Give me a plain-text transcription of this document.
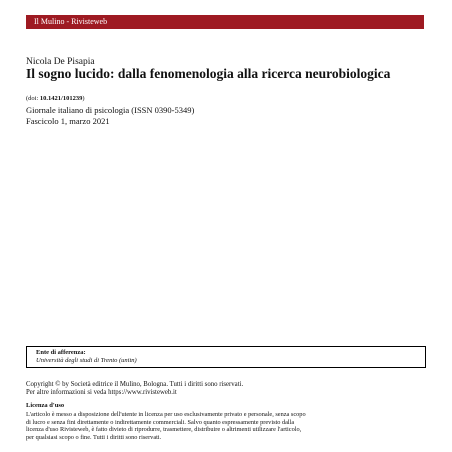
Il Mulino - Rivisteweb
Nicola De Pisapia
Il sogno lucido: dalla fenomenologia alla ricerca neurobiologica
(doi: 10.1421/101239)
Giornale italiano di psicologia (ISSN 0390-5349)
Fascicolo 1, marzo 2021
Ente di afferenza:
Università degli studi di Trento (unitn)
Copyright © by Società editrice il Mulino, Bologna. Tutti i diritti sono riservati.
Per altre informazioni si veda https://www.rivisteweb.it
Licenza d'uso
L'articolo è messo a disposizione dell'utente in licenza per uso esclusivamente privato e personale, senza scopo
di lucro e senza fini direttamente o indirettamente commerciali. Salvo quanto espressamente previsto dalla
licenza d'uso Rivisteweb, è fatto divieto di riprodurre, trasmettere, distribuire o altrimenti utilizzare l'articolo,
per qualsiasi scopo o fine. Tutti i diritti sono riservati.
